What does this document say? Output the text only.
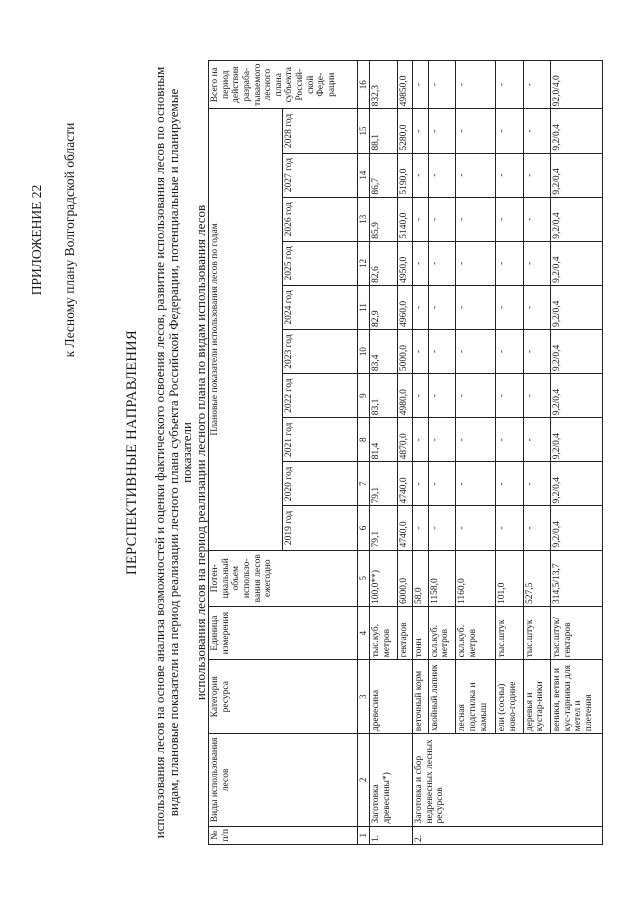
ПРИЛОЖЕНИЕ 22 к Лесному плану Волгоградской области
ПЕРСПЕКТИВНЫЕ НАПРАВЛЕНИЯ использования лесов на основе анализа возможностей и оценки фактического освоения лесов, развитие использования лесов по основным
видам, плановые показатели на период реализации лесного плана субъекта Российской Федерации, потенциальные и планируемые показатели
использования лесов на период реализации лесного плана по видам использования лесов
№ п/п	Виды использования лесов	Категория ресурса	Единица измерения	Потен-циальный объем использо-вания лесов ежегодно	Плановые показатели использования лесов по годам										Всего на период действия разраба-тываемого лесного плана субъекта Россий-ской Феде-рации
					2019 год	2020 год	2021 год	2022 год	2023 год	2024 год	2025 год	2026 год	2027 год	2028 год	
1	2	3	4	5	6	7	8	9	10	11	12	13	14	15	16
1.	Заготовка древесины*)	древесина	тыс.куб. метров	100,0**)	79,1	79,1	81,4	83,1	83,4	82,9	82,6	85,9	86,7	88,1	832,3
			гектаров	6000,0	4740,0	4740,0	4870,0	4980,0	5000,0	4960,0	4950,0	5140,0	5190,0	5280,0	49850,0
2.	Заготовка и сбор недревесных лесных ресурсов	веточный корм	тонн	58,0	-	-	-	-	-	-	-	-	-	-	-
		хвойный лапник	скл.куб. метров	1158,0	-	-	-	-	-	-	-	-	-	-	-
		лесная подстилка и камыш	скл.куб. метров	1160,0	-	-	-	-	-	-	-	-	-	-	-
		ели (сосны) ново-годние	тыс.штук	101,0	-	-	-	-	-	-	-	-	-	-	-
		деревья и кустар-ники	тыс.штук	527,5	-	-	-	-	-	-	-	-	-	-	-
		веники, ветви и кус-тарники для метел и плетения	тыс.штук/ гектаров	314,5/13,7	9,2/0,4	9,2/0,4	9,2/0,4	9,2/0,4	9,2/0,4	9,2/0,4	9,2/0,4	9,2/0,4	9,2/0,4	9,2/0,4	92,0/4,0
